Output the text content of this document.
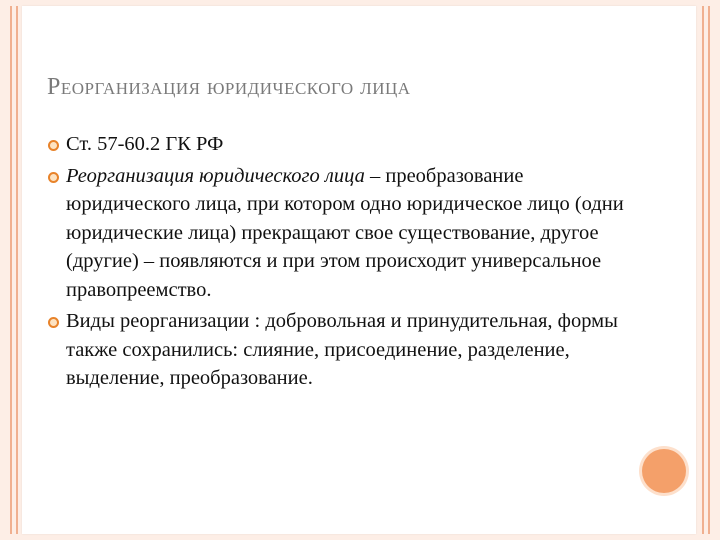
Реорганизация юридического лица
Ст. 57-60.2 ГК РФ
Реорганизация юридического лица – преобразование юридического лица, при котором одно юридическое лицо (одни юридические лица) прекращают свое существование, другое (другие) – появляются и при этом происходит универсальное правопреемство.
Виды реорганизации : добровольная и принудительная, формы также сохранились: слияние, присоединение, разделение, выделение, преобразование.
